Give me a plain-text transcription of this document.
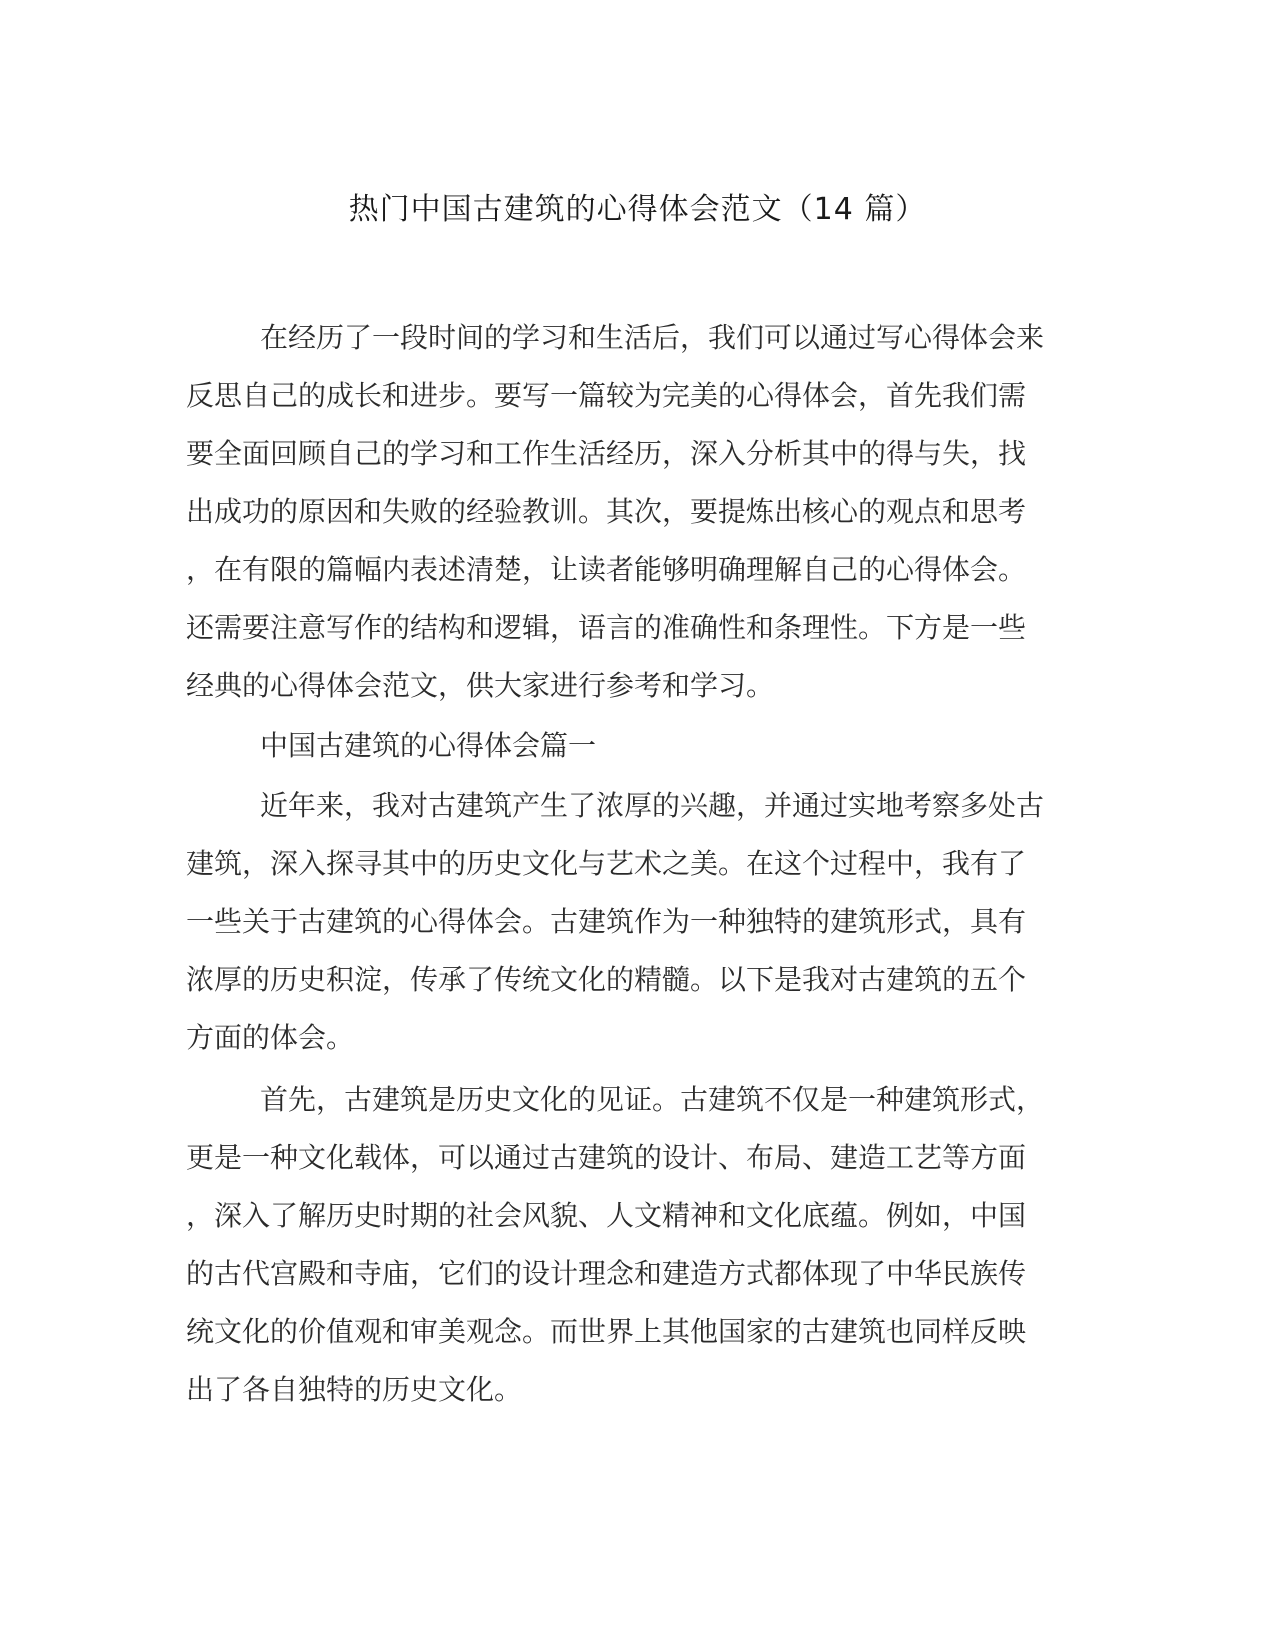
热门中国古建筑的心得体会范文（14 篇）

在经历了一段时间的学习和生活后，我们可以通过写心得体会来

反思自己的成长和进步。要写一篇较为完美的心得体会，首先我们需

要全面回顾自己的学习和工作生活经历，深入分析其中的得与失，找

出成功的原因和失败的经验教训。其次，要提炼出核心的观点和思考

，在有限的篇幅内表述清楚，让读者能够明确理解自己的心得体会。

还需要注意写作的结构和逻辑，语言的准确性和条理性。下方是一些

经典的心得体会范文，供大家进行参考和学习。

中国古建筑的心得体会篇一

近年来，我对古建筑产生了浓厚的兴趣，并通过实地考察多处古

建筑，深入探寻其中的历史文化与艺术之美。在这个过程中，我有了

一些关于古建筑的心得体会。古建筑作为一种独特的建筑形式，具有

浓厚的历史积淀，传承了传统文化的精髓。以下是我对古建筑的五个

方面的体会。

首先，古建筑是历史文化的见证。古建筑不仅是一种建筑形式，

更是一种文化载体，可以通过古建筑的设计、布局、建造工艺等方面

，深入了解历史时期的社会风貌、人文精神和文化底蕴。例如，中国

的古代宫殿和寺庙，它们的设计理念和建造方式都体现了中华民族传

统文化的价值观和审美观念。而世界上其他国家的古建筑也同样反映

出了各自独特的历史文化。
